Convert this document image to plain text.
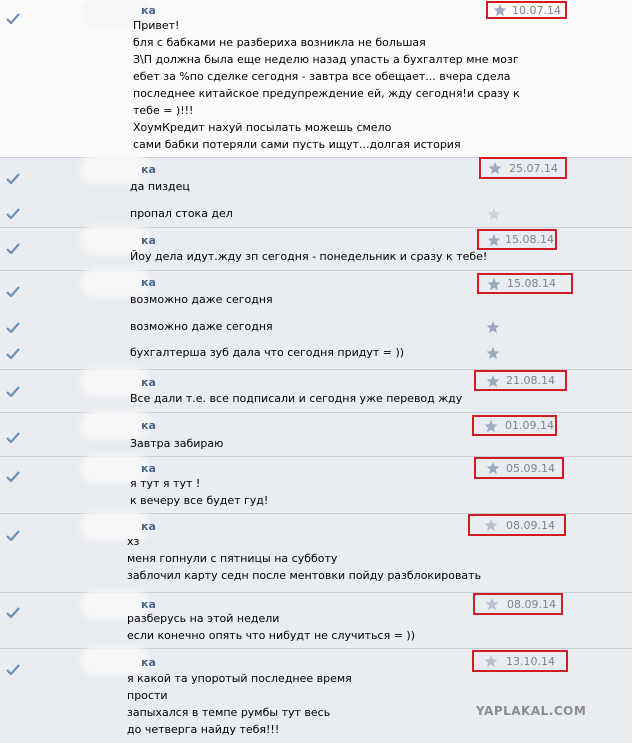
ка	10.07.14
Привет!
бля с бабками не разбериха возникла не большая
З\П должна была еще неделю назад упасть а бухгалтер мне мозг
ебет за %по сделке сегодня - завтра все обещает... вчера сдела
последнее китайское предупреждение ей, жду сегодня!и сразу к
тебе = )!!!
ХоумКредит нахуй посылать можешь смело
сами бабки потеряли сами пусть ищут...долгая история
ка	25.07.14
да пиздец
пропал стока дел
ка	15.08.14
Йоу дела идут.жду зп сегодня - понедельник и сразу к тебе!
ка	15.08.14
возможно даже сегодня
возможно даже сегодня
бухгалтерша зуб дала что сегодня придут = ))
ка	21.08.14
Все дали т.е. все подписали и сегодня уже перевод жду
ка	01.09.14
Завтра забираю
ка	05.09.14
я тут я тут !
к вечеру все будет гуд!
ка	08.09.14
хз
меня гопнули с пятницы на субботу
заблочил карту седн после ментовки пойду разблокировать
ка	08.09.14
разберусь на этой недели
если конечно опять что нибудт не случиться = ))
ка	13.10.14
я какой та упоротый последнее время
прости
запыхался в темпе румбы тут весь
до четверга найду тебя!!!
YAPLAKAL.COM
